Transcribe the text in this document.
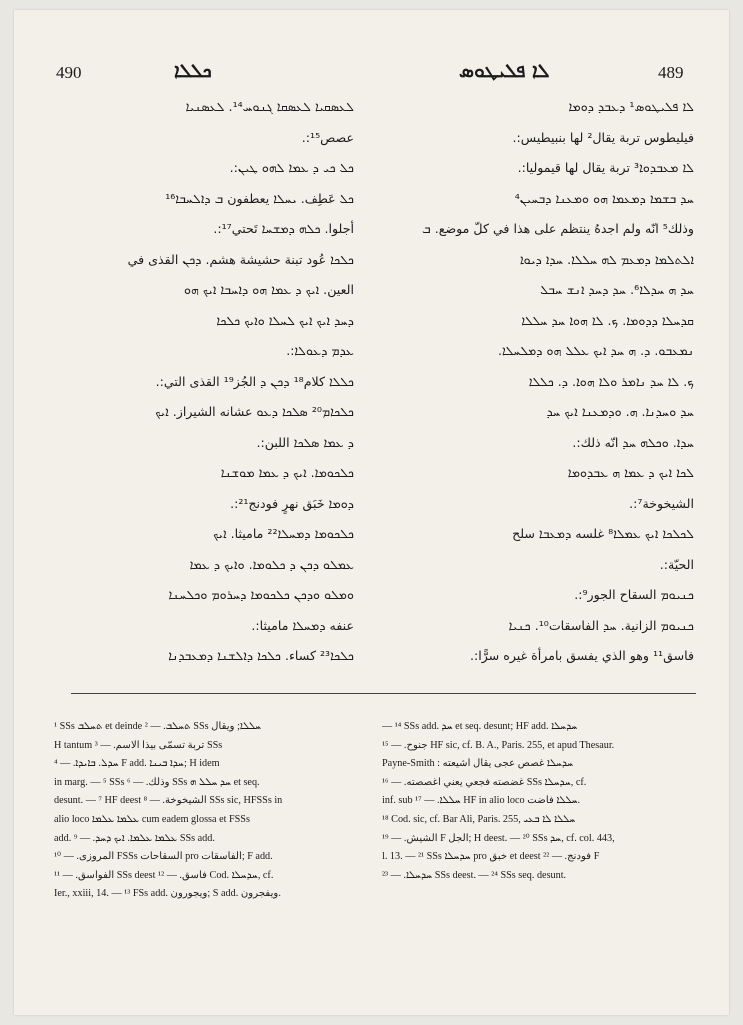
490	ܟܠܠܐ	ܠܐ ܦܠܝܛܘܣ	489
ܠܥܣܩܝܐ ܠܥܣܩܐ ܓܢܘܚ¹⁴. ܠܥܣܢܝܐ
عصص¹⁵:.
ܟܠ ܟܝ ܕ ܥܡܐ ܠܗܘ ܛܝܢ:.
ܟܠ عَطِف. ܝܚܠܐ يعطفون ܒ ܕܐܠܚܒܐ¹⁶
أجلوا. ܟܠܗ ܕܡܫܚܐ تَحتي¹⁷:.
ܟܠܟܐ عُود تبنة حشيشة هشم. ܕܟܢ القذى في
العين. ܐܝܟ ܕ ܥܡܐ ܗܘ ܕܐܚܒܐ ܐܝܟ ܗܘ
ܕܚܕ ܐܝܟ ܐܝܟ ܠܚܠܐ ܘܐܝܟ ܟܠܟܐ
ܥܕܡ ܕܥܘܠܐ:.
ܟܠܠܐ كلام¹⁸ ܕܟܢ ܕ الجُز¹⁹ القذى التي:.
ܟܠܟܐܡ²⁰ ܣܠܟܐ ܕܥܘ عشانه الشيراز. ܐܝܟ
ܕ ܥܡܐ ܣܠܟܐ اللبن:.
ܟܠܟܘܡܐ. ܐܝܟ ܕ ܥܡܐ ܡܘܫܢܐ
ܕܘܡܐ خَبَق نهرٍ فودنج²¹:.
ܟܠܟܘܡܐ ܕܡܚܠܐ²² ماميثا. ܐܝܟ
ܥܡܠܘ ܕܟܢ ܕ ܟܠܘܡܐ. ܘܐܝܟ ܕ ܥܡܐ
ܘܡܠܘ ܘܕܟܢ ܟܠܟܘܡܐ ܕܚܪܘܡ ܘܟܠܚܢܐ
عنفه ܕܡܚܠܐ ماميثا:.
ܟܠܟܐ²³ كساء. ܟܠܟܐ ܕܐܠܫܢܐ ܕܡܥܒܕܢܐ
ܠܐ ܦܠܝܛܘܣ¹ ܕܥܒܕ ܕܘܡܐ
فيليطوس تربة يقال² لها بنبيطيس:.
ܠܐ ܡܥܒܕܘܐ³ تربة يقال لها قيموليا:.
ܚܕ ܒܫܡܐ ܕܡܥܡܐ ܗܘ ܘܡܥܢܐ ܕܒܚܝܢ⁴
وذلك⁵ انّه ولم اجدهُ ينتظم على هذا في كلّ موضع. ܒ
ܐܠܬܠܡܐ ܕܡܥܡ ܠܗ ܚܠܠܐ. ܚܕܐ ܕܝܘܐ
ܚܕ ܗ ܚܕܠܐ⁶. ܚܕ ܕܚܕ ܐܢܫ ܚܒܠ
ܩܕܚܠܐ ܕܕܘܡܐ. ܟ. ܠܐ ܗܘܐ ܚܕ ܚܠܠܐ
ܢܡܥܒܘ. ܕ. ܗ ܚܕ ܐܝܟ ܥܠܠ ܗܘ ܕܡܠܚܠܐ.
ܟ. ܠܐ ܚܕ ܢܐܡܪ ܘܠܐ ܗܘܐ. ܕ. ܟܠܠܐ
ܚܕ ܘܚܕܢܐ. ܗ. ܘܕܡܥܢܐ ܐܝܟ ܚܕ
ܚܕܐ. ܘܟܠܗ ܚܕ انّه ذلك:.
ܠܟܐ ܐܝܟ ܕ ܥܡܐ ܗ ܥܒܕܘܡܐ
الشيخوخة⁷:.
ܠܟܠܟܐ ܐܝܟ ܥܡܠܐ⁸ غلسه ܕܡܥܒܐ سلح
الحيّة:.
ܟܢܝܘܡ السقاح الجور⁹:.
ܟܢܝܘܡ الزانية. ܚܕ الفاسقات¹⁰. ܟܢܝܐ
فاسق¹¹ وهو الذي يفسق بامرأة غيره سرًّا:.
¹ SSs ܬܚܠܒ et deinde ܬܚܠܒ. — ² SSs ܚܠܠܐ; ويقال
H tantum تربة تسمّى بيذا الاسم. — ³ SSs
ܚܕܠ. ܒܐܝܕܐ. — ⁴ F add. ܚܕܐ ܒܝܢܐ; H idem
in marg. — ⁵ SSs وذلك. — ⁶ SSs ܚܕ ܚܠܠ ܗ et seq.
desunt. — ⁷ HF deest الشيخوخة. — ⁸ SSs sic, HFSSs in
alio loco ܥܠܡܐ ܥܠܡܐ cum eadem glossa et FSSs
add. ܥܠܡܐ ܥܠܡܐ. ܐܝܟ ܕܚܕ. — ⁹ SSs add.
المروزى. — ¹⁰ FSSs السقاحات pro الفاسقات; F add.
الفواسق. — ¹¹ SSs deest فاسق. — ¹² Cod. ܚܕܚܠܐ, cf.
Ier., xxiii, 14. — ¹³ FSs add. ويجورون; S add. ويفجرون.
— ¹⁴ SSs add. ܚܕ et seq. desunt; HF add. ܚܕܚܠܐ
جنوح. — ¹⁵ HF sic, cf. B. A., Paris. 255, et apud Thesaur.
Payne-Smith : ܚܕܚܠܐ غصص عجى يقال اشيعته
غضصته فجعي يعني اغصصته. — ¹⁶ SSs ܚܕܚܠܐ, cf.
inf. sub ܚܠܠܐ. — ¹⁷ HF in alio loco ܚܠܠܐ فاضت.
¹⁸ Cod. sic, cf. Bar Ali, Paris. 255, ܚܠܠܐ ܠܐ ܒܥܝ
الشيش. — ¹⁹ F الجل; H deest. — ²⁰ SSs ܚܕ, cf. col. 443,
l. 13. — ²¹ SSs ܚܕܚܠܐ pro خبق et deest فودنج. — ²² F
ܚܕܚܠܐ. — ²³ SSs deest. — ²⁴ SSs seq. desunt.
